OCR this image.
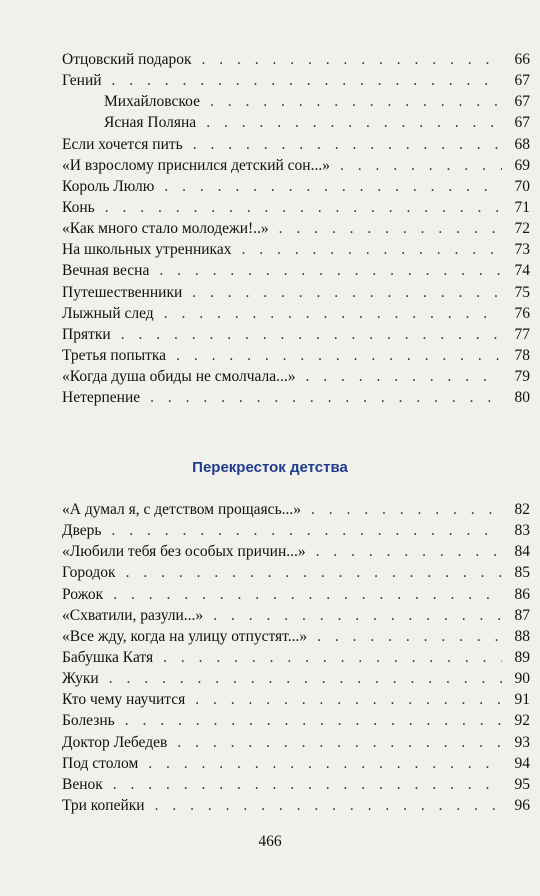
Отцовский подарок . . .	66
Гений . . .	67
Михайловское . . .	67
Ясная Поляна . . .	67
Если хочется пить . . .	68
«И взрослому приснился детский сон...» . . .	69
Король Люлю . . .	70
Конь . . .	71
«Как много стало молодежи!..» . . .	72
На школьных утренниках . . .	73
Вечная весна . . .	74
Путешественники . . .	75
Лыжный след . . .	76
Прятки . . .	77
Третья попытка . . .	78
«Когда душа обиды не смолчала...» . . .	79
Нетерпение . . .	80
Перекресток детства
«А думал я, с детством прощаясь...» . . .	82
Дверь . . .	83
«Любили тебя без особых причин...» . . .	84
Городок . . .	85
Рожок . . .	86
«Схватили, разули...» . . .	87
«Все жду, когда на улицу отпустят...» . . .	88
Бабушка Катя . . .	89
Жуки . . .	90
Кто чему научится . . .	91
Болезнь . . .	92
Доктор Лебедев . . .	93
Под столом . . .	94
Венок . . .	95
Три копейки . . .	96
466
